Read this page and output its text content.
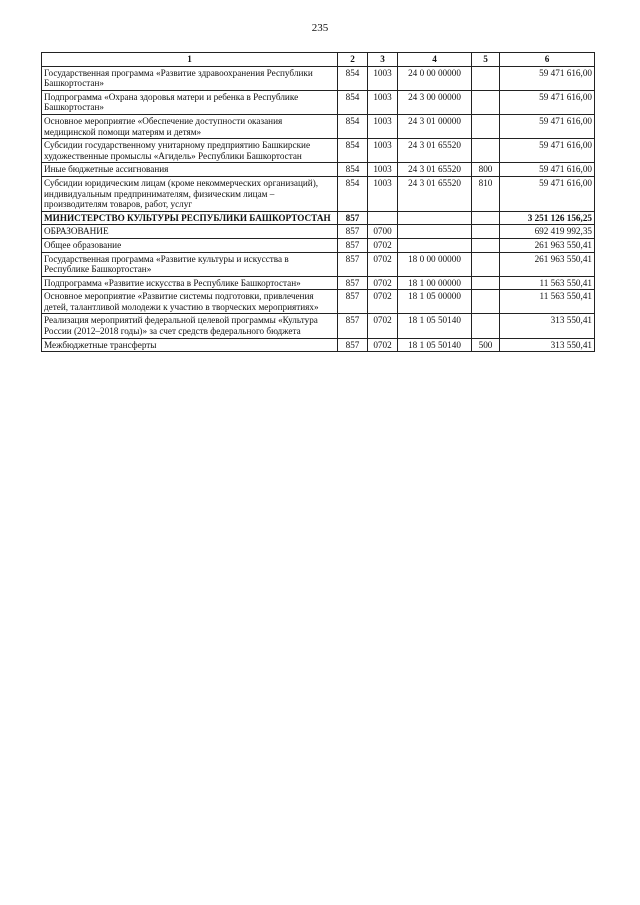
235
1	2	3	4	5	6
Государственная программа «Развитие здравоохранения Республики Башкортостан»	854	1003	24 0 00 00000		59 471 616,00
Подпрограмма «Охрана здоровья матери и ребенка в Республике Башкортостан»	854	1003	24 3 00 00000		59 471 616,00
Основное мероприятие «Обеспечение доступности оказания медицинской помощи матерям и детям»	854	1003	24 3 01 00000		59 471 616,00
Субсидии государственному унитарному предприятию Башкирские художественные промыслы «Агидель» Республики Башкортостан	854	1003	24 3 01 65520		59 471 616,00
Иные бюджетные ассигнования	854	1003	24 3 01 65520	800	59 471 616,00
Субсидии юридическим лицам (кроме некоммерческих организаций), индивидуальным предпринимателям, физическим лицам – производителям товаров, работ, услуг	854	1003	24 3 01 65520	810	59 471 616,00
МИНИСТЕРСТВО КУЛЬТУРЫ РЕСПУБЛИКИ БАШКОРТОСТАН	857				3 251 126 156,25
ОБРАЗОВАНИЕ	857	0700			692 419 992,35
Общее образование	857	0702			261 963 550,41
Государственная программа «Развитие культуры и искусства в Республике Башкортостан»	857	0702	18 0 00 00000		261 963 550,41
Подпрограмма «Развитие искусства в Республике Башкортостан»	857	0702	18 1 00 00000		11 563 550,41
Основное мероприятие «Развитие системы подготовки, привлечения детей, талантливой молодежи к участию в творческих мероприятиях»	857	0702	18 1 05 00000		11 563 550,41
Реализация мероприятий федеральной целевой программы «Культура России (2012–2018 годы)» за счет средств федерального бюджета	857	0702	18 1 05 50140		313 550,41
Межбюджетные трансферты	857	0702	18 1 05 50140	500	313 550,41
